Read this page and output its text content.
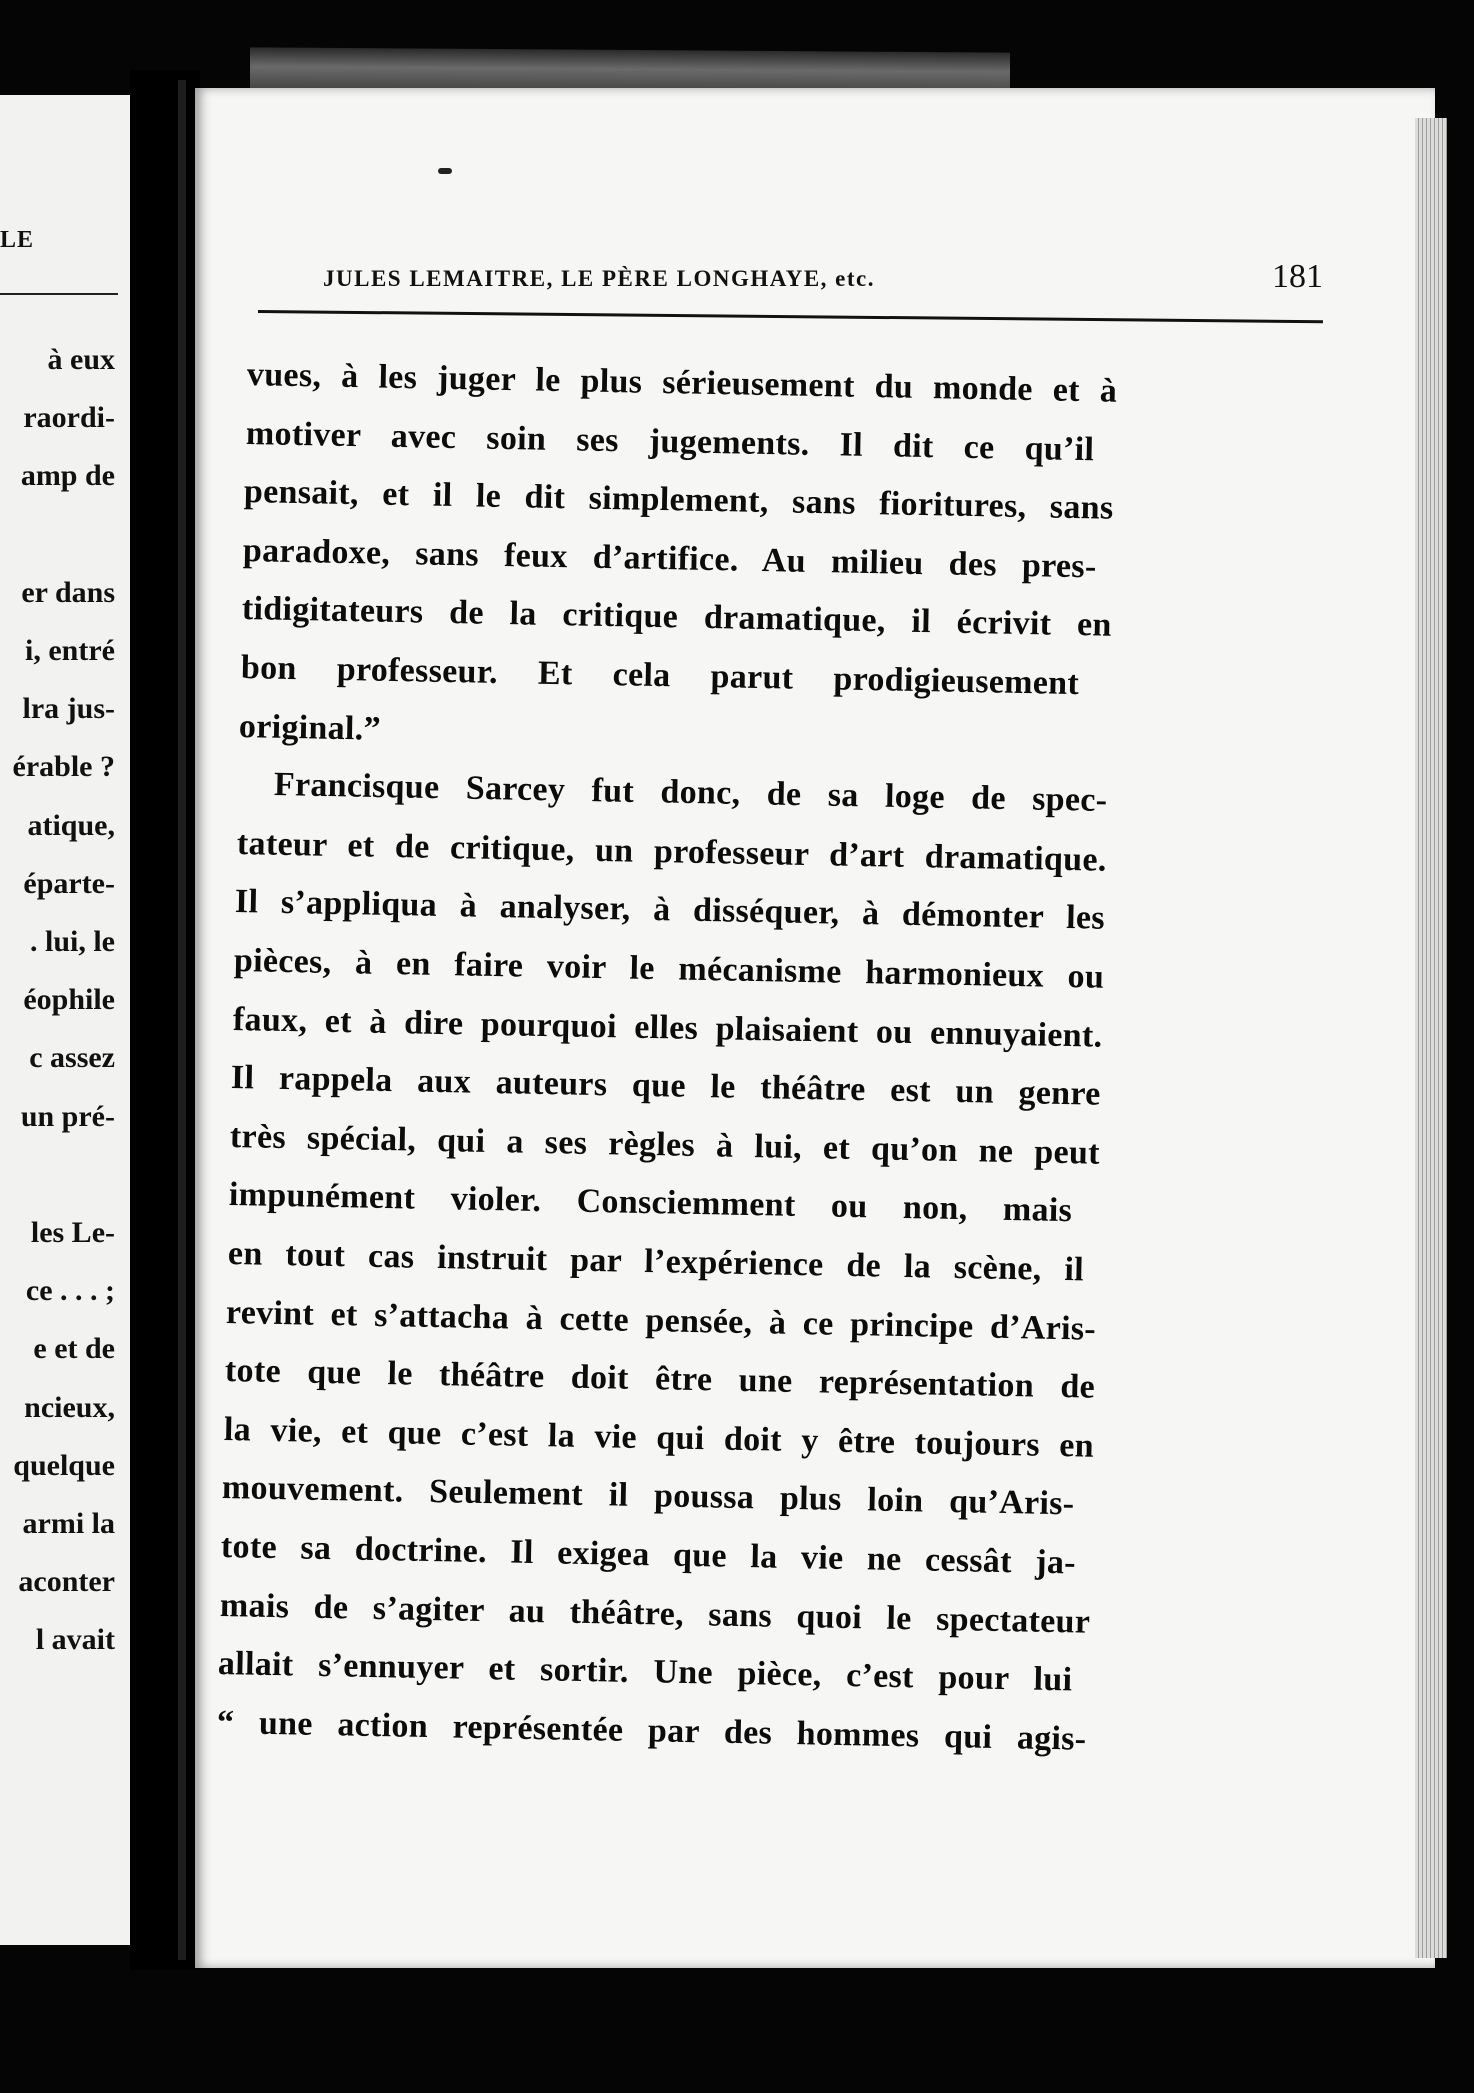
LE
à eux
raordi-
amp de
er dans
i, entré
lra jus-
érable ?
atique,
éparte-
. lui, le
éophile
c assez
un pré-
les Le-
ce . . . ;
e et de
ncieux,
quelque
armi la
aconter
l avait
JULES LEMAITRE, LE PÈRE LONGHAYE, etc.	181
vues, à les juger le plus sérieusement du monde et à
motiver avec soin ses jugements. Il dit ce qu’il
pensait, et il le dit simplement, sans fioritures, sans
paradoxe, sans feux d’artifice. Au milieu des pres-
tidigitateurs de la critique dramatique, il écrivit en
bon professeur. Et cela parut prodigieusement
original.”
Francisque Sarcey fut donc, de sa loge de spec-
tateur et de critique, un professeur d’art dramatique.
Il s’appliqua à analyser, à disséquer, à démonter les
pièces, à en faire voir le mécanisme harmonieux ou
faux, et à dire pourquoi elles plaisaient ou ennuyaient.
Il rappela aux auteurs que le théâtre est un genre
très spécial, qui a ses règles à lui, et qu’on ne peut
impunément violer. Consciemment ou non, mais
en tout cas instruit par l’expérience de la scène, il
revint et s’attacha à cette pensée, à ce principe d’Aris-
tote que le théâtre doit être une représentation de
la vie, et que c’est la vie qui doit y être toujours en
mouvement. Seulement il poussa plus loin qu’Aris-
tote sa doctrine. Il exigea que la vie ne cessât ja-
mais de s’agiter au théâtre, sans quoi le spectateur
allait s’ennuyer et sortir. Une pièce, c’est pour lui
“ une action représentée par des hommes qui agis-
